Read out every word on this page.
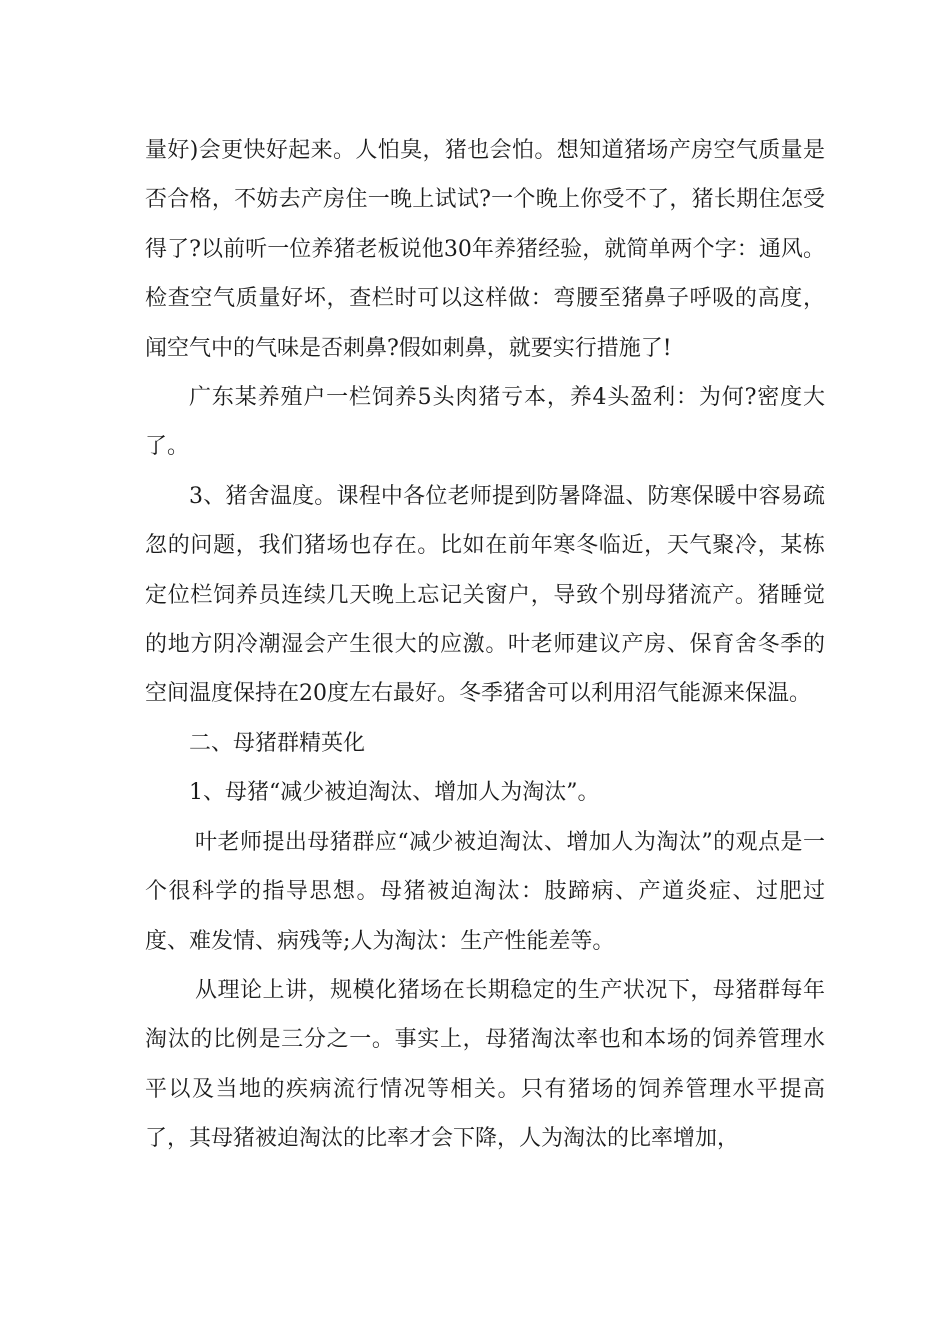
量好)会更快好起来。人怕臭，猪也会怕。想知道猪场产房空气质量是否合格，不妨去产房住一晚上试试?一个晚上你受不了，猪长期住怎受得了?以前听一位养猪老板说他30年养猪经验，就简单两个字：通风。检查空气质量好坏，查栏时可以这样做：弯腰至猪鼻子呼吸的高度，闻空气中的气味是否刺鼻?假如刺鼻，就要实行措施了!

广东某养殖户一栏饲养5头肉猪亏本，养4头盈利：为何?密度大了。

3、猪舍温度。课程中各位老师提到防暑降温、防寒保暖中容易疏忽的问题，我们猪场也存在。比如在前年寒冬临近，天气聚冷，某栋定位栏饲养员连续几天晚上忘记关窗户，导致个别母猪流产。猪睡觉的地方阴冷潮湿会产生很大的应激。叶老师建议产房、保育舍冬季的空间温度保持在20度左右最好。冬季猪舍可以利用沼气能源来保温。

二、母猪群精英化

1、母猪“减少被迫淘汰、增加人为淘汰”。

叶老师提出母猪群应“减少被迫淘汰、增加人为淘汰”的观点是一个很科学的指导思想。母猪被迫淘汰：肢蹄病、产道炎症、过肥过度、难发情、病残等;人为淘汰：生产性能差等。

从理论上讲，规模化猪场在长期稳定的生产状况下，母猪群每年淘汰的比例是三分之一。事实上，母猪淘汰率也和本场的饲养管理水平以及当地的疾病流行情况等相关。只有猪场的饲养管理水平提高了，其母猪被迫淘汰的比率才会下降，人为淘汰的比率增加，
